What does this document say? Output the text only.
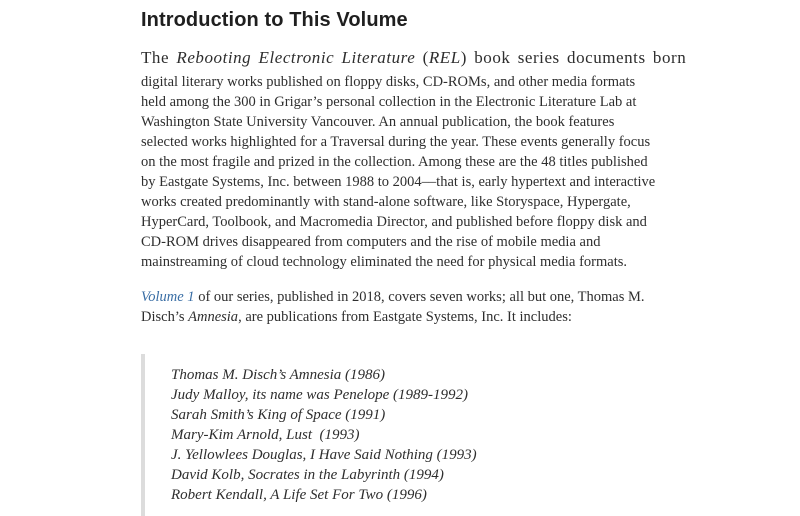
Introduction to This Volume

The Rebooting Electronic Literature (REL) book series documents born

digital literary works published on floppy disks, CD-ROMs, and other media formats held among the 300 in Grigar’s personal collection in the Electronic Literature Lab at Washington State University Vancouver. An annual publication, the book features selected works highlighted for a Traversal during the year. These events generally focus on the most fragile and prized in the collection. Among these are the 48 titles published by Eastgate Systems, Inc. between 1988 to 2004––that is, early hypertext and interactive works created predominantly with stand-alone software, like Storyspace, Hypergate, HyperCard, Toolbook, and Macromedia Director, and published before floppy disk and CD-ROM drives disappeared from computers and the rise of mobile media and mainstreaming of cloud technology eliminated the need for physical media formats.

Volume 1 of our series, published in 2018, covers seven works; all but one, Thomas M. Disch’s Amnesia, are publications from Eastgate Systems, Inc. It includes:

Thomas M. Disch’s Amnesia (1986)
Judy Malloy, its name was Penelope (1989-1992)
Sarah Smith’s King of Space (1991)
Mary-Kim Arnold, Lust  (1993)
J. Yellowlees Douglas, I Have Said Nothing (1993)
David Kolb, Socrates in the Labyrinth (1994)
Robert Kendall, A Life Set For Two (1996)
